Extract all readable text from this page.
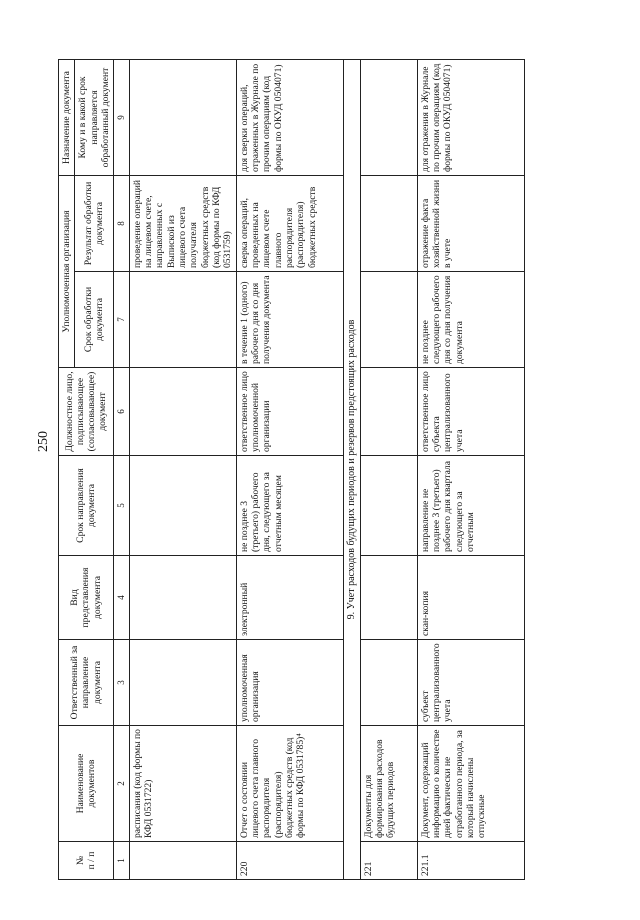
250
№
п / п	Наименование документов	Ответственный за направление документа	Вид представления документа	Срок направления документа	Должностное лицо, подписывающее (согласовывающее) документ	Уполномоченная организация		Назначение документа
						Срок обработки документа	Результат обработки документа	Кому и в какой срок направляется обработанный документ
1	2	3	4	5	6	7	8	9
	расписания (код формы по КФД 0531722)						проведение операций на лицевом счете, направленных с Выпиской из лицевого счета получателя бюджетных средств (код формы по КФД 0531759)	
220	Отчет о состоянии лицевого счета главного распорядителя (распорядителя) бюджетных средств (код формы по КФД 0531785)⁴	уполномоченная организация	электронный	не позднее 3 (третьего) рабочего дня, следующего за отчетным месяцем	ответственное лицо уполномоченной организации	в течение 1 (одного) рабочего дня со дня получения документа	сверка операций, проведенных на лицевом счете главного распорядителя (распорядителя) бюджетных средств	для сверки операций, отраженных в Журнале по прочим операциям (код формы по ОКУД 0504071)
9. Учет расходов будущих периодов и резервов предстоящих расходов								
221	Документы для формирования расходов будущих периодов							
221.1	Документ, содержащий информацию о количестве дней фактически не отработанного периода, за который начислены отпускные	субъект централизованного учета	скан-копия	направление не позднее 3 (третьего) рабочего дня квартала следующего за отчетным	ответственное лицо субъекта централизованного учета	не позднее следующего рабочего дня со дня получения документа	отражение факта хозяйственной жизни в учете	для отражения в Журнале по прочим операциям (код формы по ОКУД 0504071)
